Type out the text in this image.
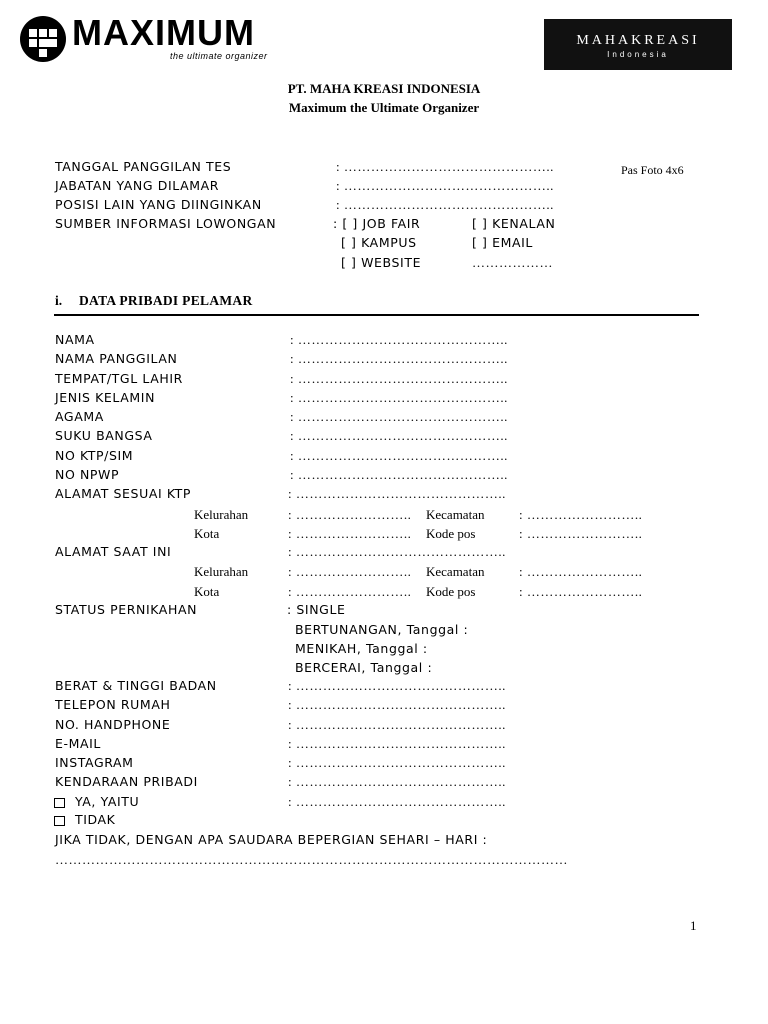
MAXIMUM
the ultimate organizer
MAHAKREASI
Indonesia
PT. MAHA KREASI INDONESIA
Maximum the Ultimate Organizer
TANGGAL PANGGILAN TES	: ………………………………………..	Pas Foto 4x6
JABATAN YANG DILAMAR	: ………………………………………..
POSISI LAIN YANG DIINGINKAN	: ………………………………………..
SUMBER INFORMASI LOWONGAN	: [ ] JOB FAIR	[ ] KENALAN
[ ] KAMPUS	[ ] EMAIL
[ ] WEBSITE	………………
i. DATA PRIBADI PELAMAR
NAMA	: ………………………………………..
NAMA PANGGILAN	: ………………………………………..
TEMPAT/TGL LAHIR	: ………………………………………..
JENIS KELAMIN	: ………………………………………..
AGAMA	: ………………………………………..
SUKU BANGSA	: ………………………………………..
NO KTP/SIM	: ………………………………………..
NO NPWP	: ………………………………………..
ALAMAT SESUAI KTP	: ………………………………………..
Kelurahan	: …………………….. Kecamatan	: ……………………..
Kota	: …………………….. Kode pos	: ……………………..
ALAMAT SAAT INI	: ………………………………………..
Kelurahan	: …………………….. Kecamatan	: ……………………..
Kota	: …………………….. Kode pos	: ……………………..
STATUS PERNIKAHAN	: SINGLE
BERTUNANGAN, Tanggal :
MENIKAH, Tanggal :
BERCERAI, Tanggal :
BERAT & TINGGI BADAN	: ………………………………………..
TELEPON RUMAH	: ………………………………………..
NO. HANDPHONE	: ………………………………………..
E-MAIL	: ………………………………………..
INSTAGRAM	: ………………………………………..
KENDARAAN PRIBADI	: ………………………………………..
YA, YAITU	: ………………………………………..
TIDAK
JIKA TIDAK, DENGAN APA SAUDARA BEPERGIAN SEHARI – HARI :
……………………………………………………………………………………………………
1
